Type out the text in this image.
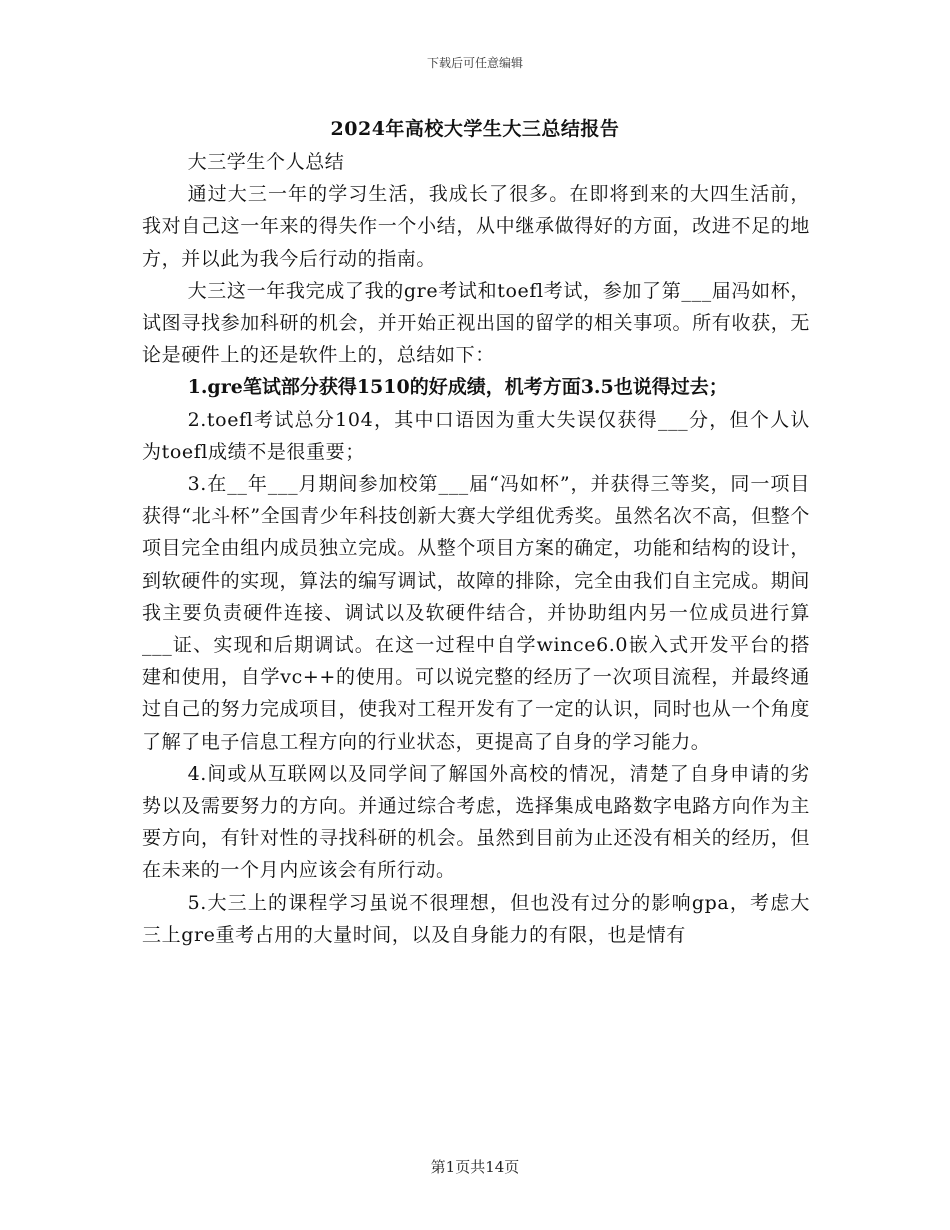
下载后可任意编辑
2024年高校大学生大三总结报告

大三学生个人总结

通过大三一年的学习生活，我成长了很多。在即将到来的大四生活前，我对自己这一年来的得失作一个小结，从中继承做得好的方面，改进不足的地方，并以此为我今后行动的指南。

大三这一年我完成了我的gre考试和toefl考试，参加了第___届冯如杯，试图寻找参加科研的机会，并开始正视出国的留学的相关事项。所有收获，无论是硬件上的还是软件上的，总结如下：

1.gre笔试部分获得1510的好成绩，机考方面3.5也说得过去；

2.toefl考试总分104，其中口语因为重大失误仅获得___分，但个人认为toefl成绩不是很重要；

3.在__年___月期间参加校第___届“冯如杯”，并获得三等奖，同一项目获得“北斗杯”全国青少年科技创新大赛大学组优秀奖。虽然名次不高，但整个项目完全由组内成员独立完成。从整个项目方案的确定，功能和结构的设计，到软硬件的实现，算法的编写调试，故障的排除，完全由我们自主完成。期间我主要负责硬件连接、调试以及软硬件结合，并协助组内另一位成员进行算___证、实现和后期调试。在这一过程中自学wince6.0嵌入式开发平台的搭建和使用，自学vc++的使用。可以说完整的经历了一次项目流程，并最终通过自己的努力完成项目，使我对工程开发有了一定的认识，同时也从一个角度了解了电子信息工程方向的行业状态，更提高了自身的学习能力。

4.间或从互联网以及同学间了解国外高校的情况，清楚了自身申请的劣势以及需要努力的方向。并通过综合考虑，选择集成电路数字电路方向作为主要方向，有针对性的寻找科研的机会。虽然到目前为止还没有相关的经历，但在未来的一个月内应该会有所行动。

5.大三上的课程学习虽说不很理想，但也没有过分的影响gpa，考虑大三上gre重考占用的大量时间，以及自身能力的有限，也是情有

第1页共14页
